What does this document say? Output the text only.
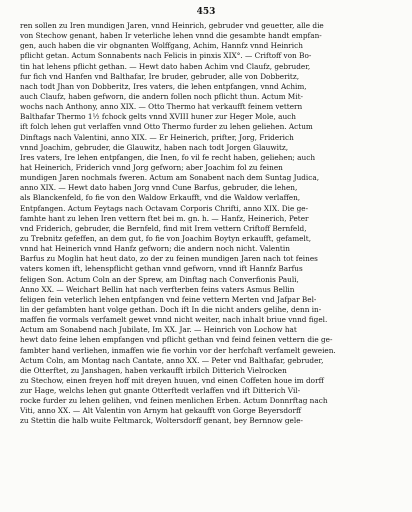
453
ren sollen zu Iren mundigen Jaren, vnnd Heinrich, gebruder vnd geuetter, alle die
von Stechow genant, haben Ir veterliche lehen vnnd die gesambte handt empfan-
gen, auch haben die vir obgnanten Wolffgang, Achim, Hannfz vnnd Heinrich
pflicht getan. Actum Sonnabents nach Felicis in pinxis XIX°. — Criftoff von Bo-
tin hat lehens pflicht gethan. — Hewt dato haben Achim vnd Claufz, gebruder,
fur fich vnd Hanfen vnd Balthafar, Ire bruder, gebruder, alle von Dobberitz,
nach todt Jhan von Dobberitz, Ires vaters, die lehen entpfangen, vnnd Achim,
auch Claufz, haben gefworn, die andern follen noch pflicht thun. Actum Mit-
wochs nach Anthony, anno XIX. — Otto Thermo hat verkaufft feinem vettern
Balthafar Thermo 1½ fchock gelts vnnd XVIII huner zur Heger Mole, auch
ift folch lehen gut verlaffen vnnd Otto Thermo furder zu lehen geliehen. Actum
Dinftags nach Valentini, anno XIX. — Er Heinerich, prifter, Jorg, Friderich
vnnd Joachim, gebruder, die Glauwitz, haben nach todt Jorgen Glauwitz,
Ires vaters, Ire lehen entpfangen, die Inen, fo vil fe recht haben, geliehen; auch
hat Heinerich, Friderich vnnd Jorg gefworn; aber Joachim fol zu feinen
mundigen Jaren nochmals fweren. Actum am Sonabent nach dem Suntag Judica,
anno XIX. — Hewt dato haben Jorg vnnd Cune Barfus, gebruder, die lehen,
als Blanckenfeld, fo fie von den Waldow Erkaufft, vnd die Waldow verlaffen,
Entpfangen. Actum Feytags nach Octavam Corporis Chrifti, anno XIX. Die ge-
famhte hant zu lehen Iren vettern ftet bei m. gn. h. — Hanfz, Heinerich, Peter
vnd Friderich, gebruder, die Bernfeld, find mit Irem vettern Criftoff Bernfeld,
zu Trebnitz gefeffen, an dem gut, fo fie von Joachim Boytyn erkaufft, gefamelt,
vnnd hat Heinerich vnnd Hanfz gefworn; die andern noch nicht. Valentin
Barfus zu Moglin hat heut dato, zo der zu feinen mundigen Jaren nach tot feines
vaters komen ift, lehenspflicht gethan vnnd gefworn, vnnd ift Hannfz Barfus
feligen Son. Actum Coln an der Sprew, am Dinftag nach Converfionis Pauli,
Anno XX. — Weichart Bellin hat nach verfterben feins vaters Asmus Bellin
feligen fein veterlich lehen entpfangen vnd feine vettern Merten vnd Jafpar Bel-
lin der gefambten hant volge gethan. Doch ift In die nicht anders gelihe, denn in-
maffen fie vormals verfamelt gewet vnnd nicht weiter, nach inhalt briue vnnd figel.
Actum am Sonabend nach Jubilate, Im XX. Jar. — Heinrich von Lochow hat
hewt dato feine lehen empfangen vnd pflicht gethan vnd feind feinen vettern die ge-
fambter hand verliehen, inmaffen wie fie vorhin vor der herfchaft verfamelt geweien.
Actum Coln, am Montag nach Cantate, anno XX. — Peter vnd Balthafar, gebruder,
die Otterftet, zu Janshagen, haben verkaufft irbilch Ditterich Vielrocken
zu Stechow, einen freyen hoff mit dreyen huuen, vnd einen Coffeten houe im dorff
zur Hage, welchs lehen gut gnante Otterftedt verlaffen vnd ift Ditterich Vil-
rocke furder zu lehen gelihen, vnd feinen menlichen Erben. Actum Donnrftag nach
Viti, anno XX. — Alt Valentin von Arnym hat gekaufft von Gorge Beyersdorff
zu Stettin die halb wuite Feltmarck, Woltersdorff genant, bey Bernnow gele-
